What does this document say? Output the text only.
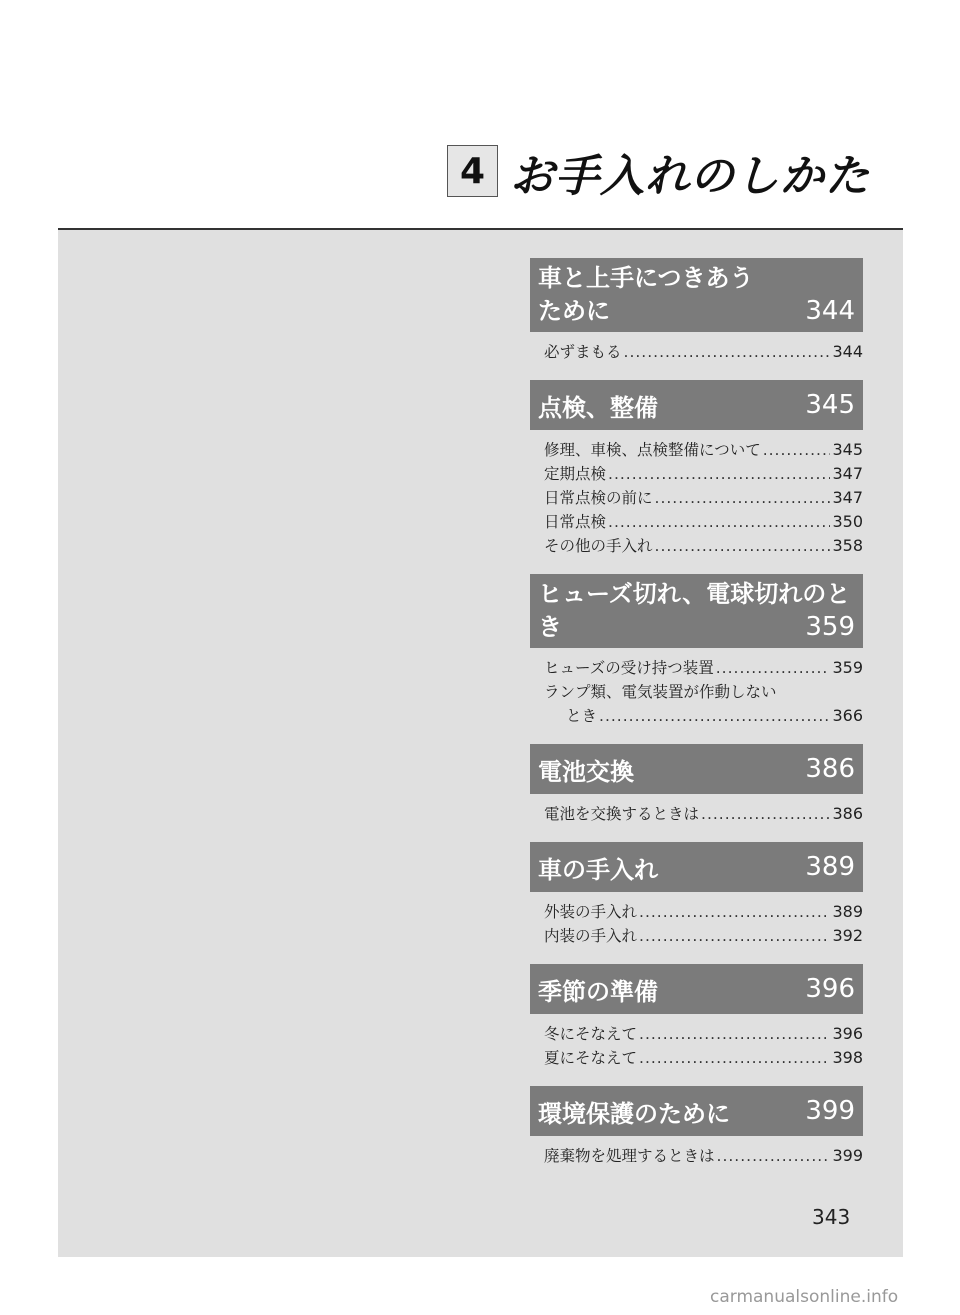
4 お手入れのしかた
車と上手につきあう
ために	344
必ずまもる .....	344
点検、整備	345
修理、車検、点検整備について .....	345
定期点検 .....	347
日常点検の前に .....	347
日常点検 .....	350
その他の手入れ .....	358
ヒューズ切れ、電球切れのと
き	359
ヒューズの受け持つ装置 .....	359
ランプ類、電気装置が作動しない
とき .....	366
電池交換	386
電池を交換するときは .....	386
車の手入れ	389
外装の手入れ .....	389
内装の手入れ .....	392
季節の準備	396
冬にそなえて .....	396
夏にそなえて .....	398
環境保護のために	399
廃棄物を処理するときは .....	399
343
carmanualsonline.info
